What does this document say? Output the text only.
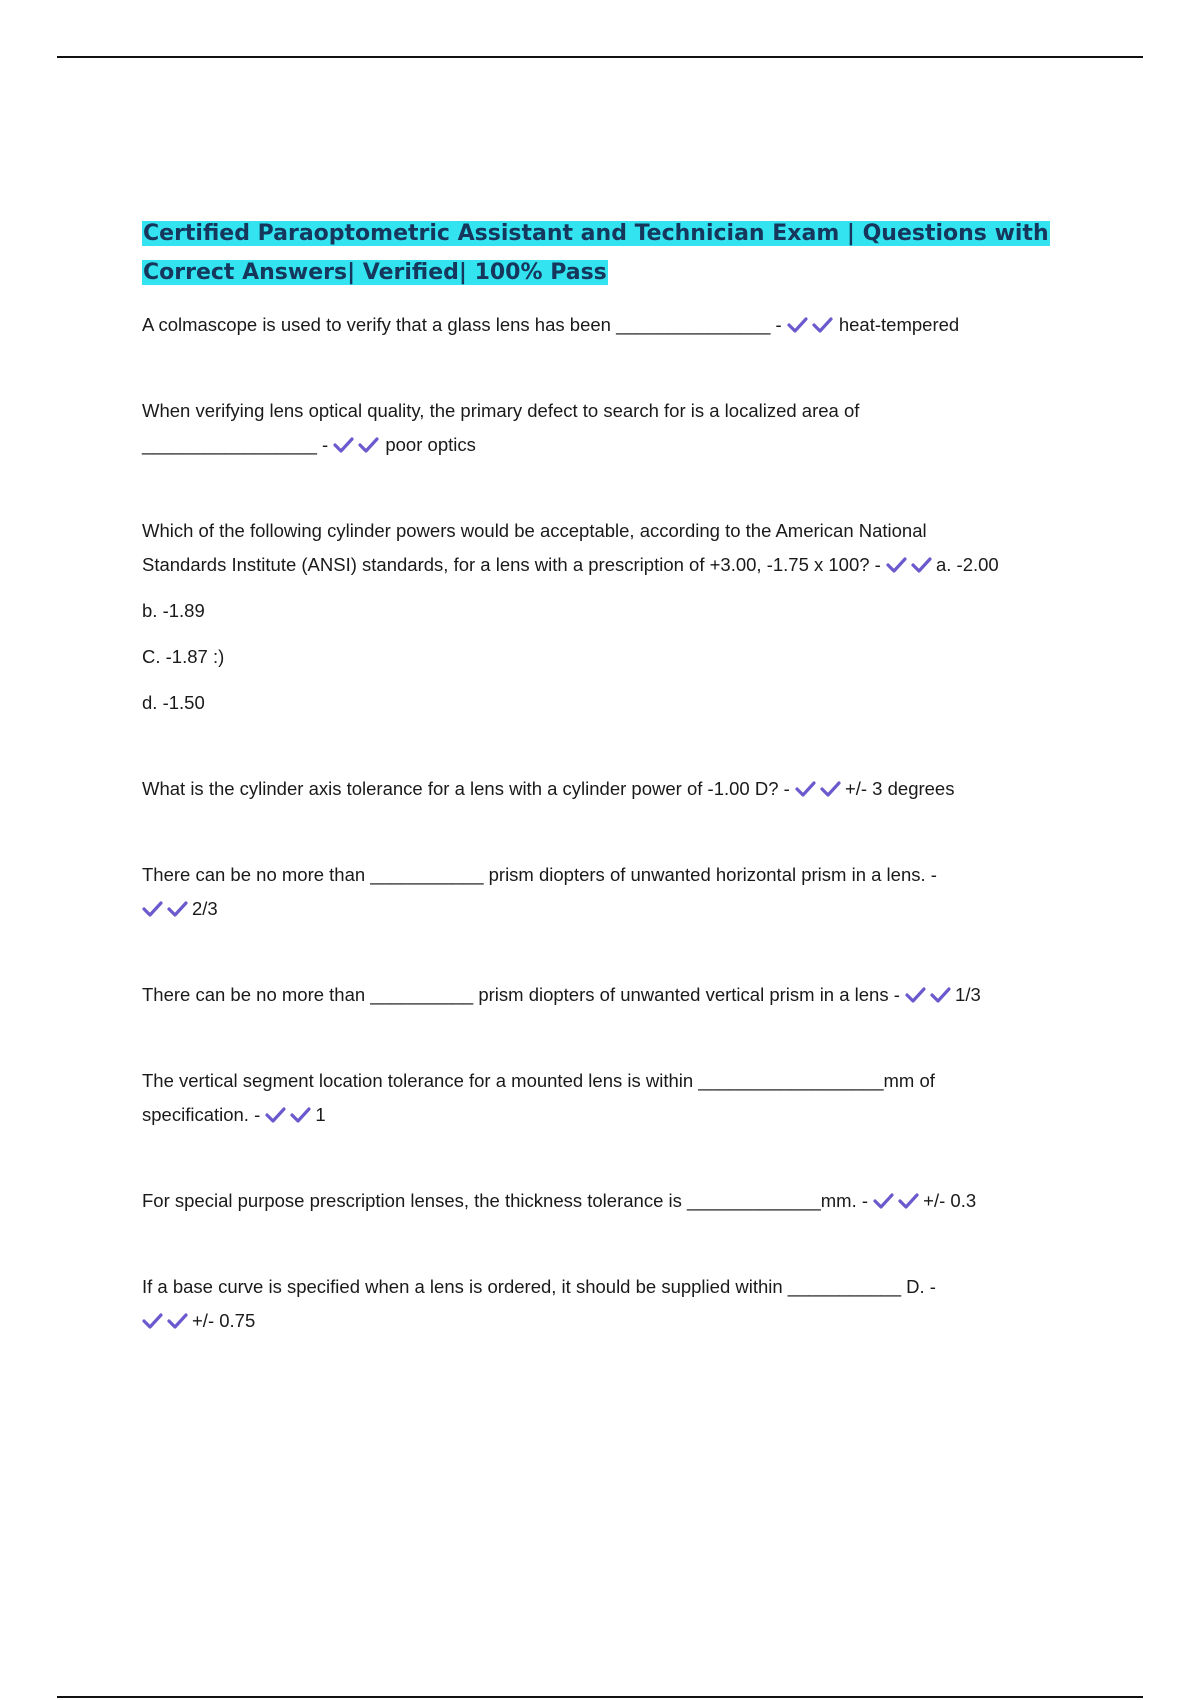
Certified Paraoptometric Assistant and Technician Exam | Questions with
Correct Answers| Verified| 100% Pass

A colmascope is used to verify that a glass lens has been _______________ -	heat-tempered

When verifying lens optical quality, the primary defect to search for is a localized area of
_________________ -	poor optics

Which of the following cylinder powers would be acceptable, according to the American National
Standards Institute (ANSI) standards, for a lens with a prescription of +3.00, -1.75 x 100? -	a. -2.00

b. -1.89

C. -1.87 :)

d. -1.50

What is the cylinder axis tolerance for a lens with a cylinder power of -1.00 D? -	+/- 3 degrees

There can be no more than ___________ prism diopters of unwanted horizontal prism in a lens. -
2/3

There can be no more than __________ prism diopters of unwanted vertical prism in a lens -	1/3

The vertical segment location tolerance for a mounted lens is within __________________mm of
specification. -	1

For special purpose prescription lenses, the thickness tolerance is _____________mm. -	+/- 0.3

If a base curve is specified when a lens is ordered, it should be supplied within ___________ D. -
+/- 0.75
